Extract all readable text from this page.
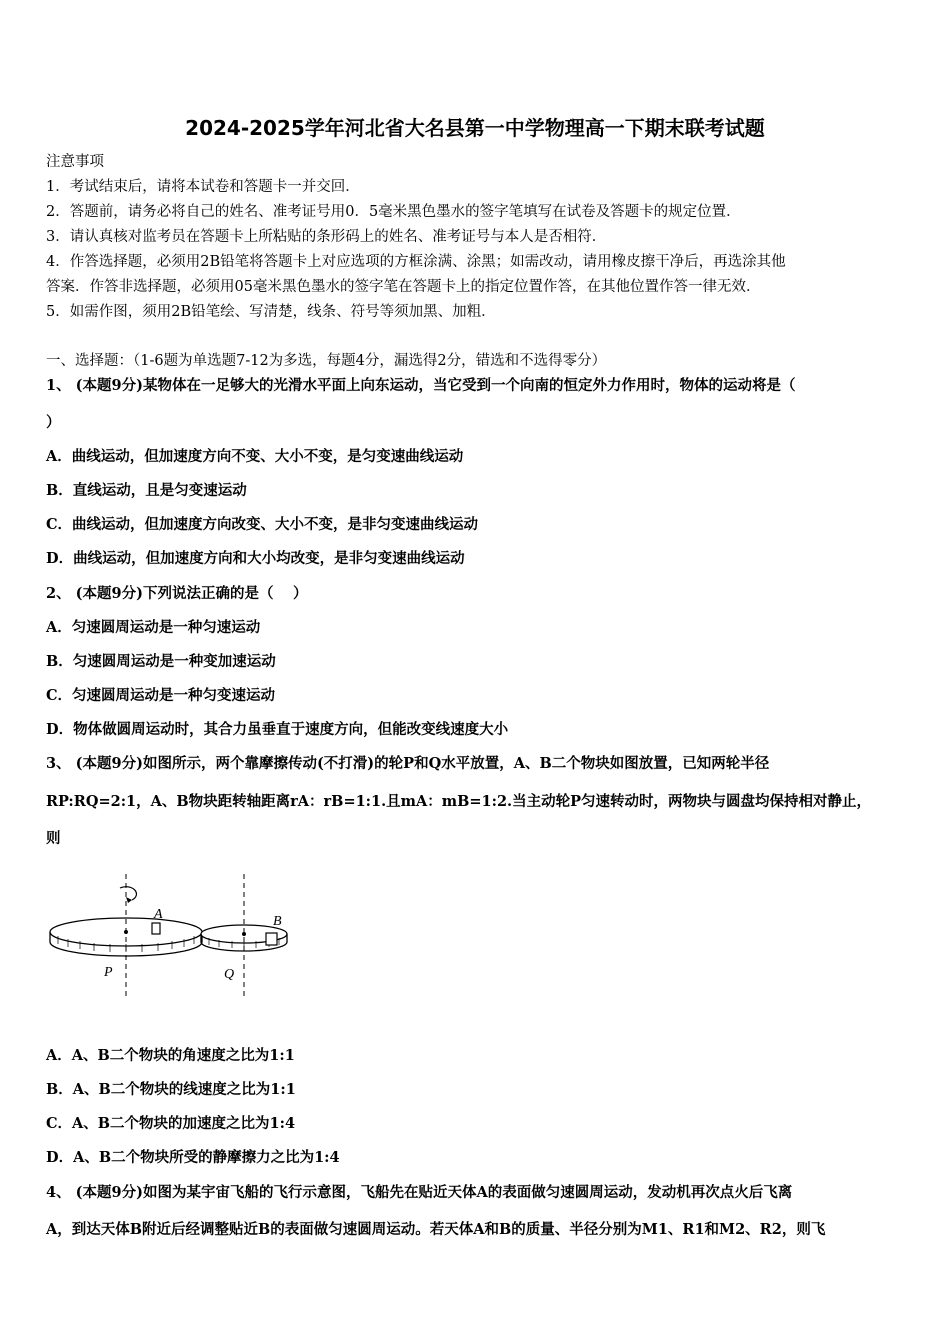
2024-2025学年河北省大名县第一中学物理高一下期末联考试题
注意事项
1．考试结束后，请将本试卷和答题卡一并交回．
2．答题前，请务必将自己的姓名、准考证号用0．5毫米黑色墨水的签字笔填写在试卷及答题卡的规定位置．
3．请认真核对监考员在答题卡上所粘贴的条形码上的姓名、准考证号与本人是否相符．
4．作答选择题，必须用2B铅笔将答题卡上对应选项的方框涂满、涂黑；如需改动，请用橡皮擦干净后，再选涂其他
答案．作答非选择题，必须用05毫米黑色墨水的签字笔在答题卡上的指定位置作答，在其他位置作答一律无效．
5．如需作图，须用2B铅笔绘、写清楚，线条、符号等须加黑、加粗．
一、选择题：（1-6题为单选题7-12为多选，每题4分，漏选得2分，错选和不选得零分）
1、 (本题9分)某物体在一足够大的光滑水平面上向东运动，当它受到一个向南的恒定外力作用时，物体的运动将是（
）
A．曲线运动，但加速度方向不变、大小不变，是匀变速曲线运动
B．直线运动，且是匀变速运动
C．曲线运动，但加速度方向改变、大小不变，是非匀变速曲线运动
D．曲线运动，但加速度方向和大小均改变，是非匀变速曲线运动
2、 (本题9分)下列说法正确的是（　 ）
A．匀速圆周运动是一种匀速运动
B．匀速圆周运动是一种变加速运动
C．匀速圆周运动是一种匀变速运动
D．物体做圆周运动时，其合力虽垂直于速度方向，但能改变线速度大小
3、 (本题9分)如图所示，两个靠摩擦传动(不打滑)的轮P和Q水平放置，A、B二个物块如图放置，已知两轮半径
RP:RQ=2:1，A、B物块距转轴距离rA：rB=1:1.且mA：mB=1:2.当主动轮P匀速转动时，两物块与圆盘均保持相对静止，
则
A	B
P	Q
A．A、B二个物块的角速度之比为1:1
B．A、B二个物块的线速度之比为1:1
C．A、B二个物块的加速度之比为1:4
D．A、B二个物块所受的静摩擦力之比为1:4
4、 (本题9分)如图为某宇宙飞船的飞行示意图，飞船先在贴近天体A的表面做匀速圆周运动，发动机再次点火后飞离
A，到达天体B附近后经调整贴近B的表面做匀速圆周运动。若天体A和B的质量、半径分别为M1、R1和M2、R2，则飞
